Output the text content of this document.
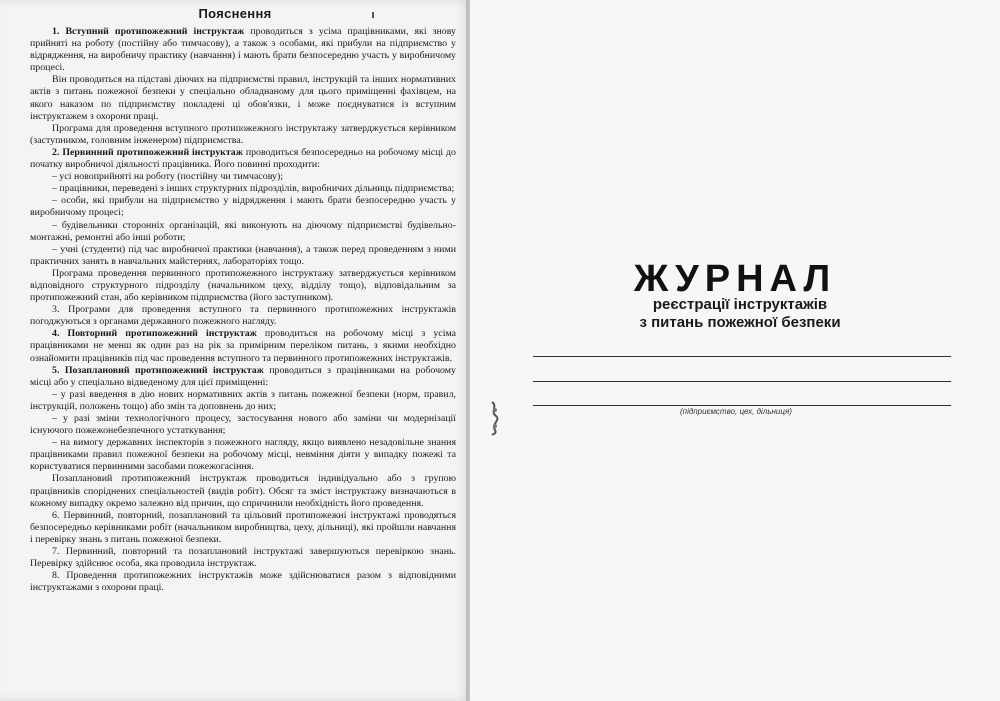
Пояснення

1. Вступний протипожежний інструктаж проводиться з усіма працівниками, які знову прийняті на роботу (постійну або тимчасову), а також з особами, які прибули на підприємство у відрядження, на виробничу практику (навчання) і мають брати безпосередню участь у виробничому процесі.

Він проводиться на підставі діючих на підприємстві правил, інструкцій та інших нормативних актів з питань пожежної безпеки у спеціально обладнаному для цього приміщенні фахівцем, на якого наказом по підприємству покладені ці обов'язки, і може поєднуватися із вступним інструктажем з охорони праці.

Програма для проведення вступного протипожежного інструктажу затверджується керівником (заступником, головним інженером) підприємства.

2. Первинний протипожежний інструктаж проводиться безпосередньо на робочому місці до початку виробничої діяльності працівника. Його повинні проходити:

– усі новоприйняті на роботу (постійну чи тимчасову);

– працівники, переведені з інших структурних підрозділів, виробничих дільниць підприємства;

– особи, які прибули на підприємство у відрядження і мають брати безпосередню участь у виробничому процесі;

– будівельники сторонніх організацій, які виконують на діючому підприємстві будівельно-монтажні, ремонтні або інші роботи;

– учні (студенти) під час виробничої практики (навчання), а також перед проведенням з ними практичних занять в навчальних майстернях, лабораторіях тощо.

Програма проведення первинного протипожежного інструктажу затверджується керівником відповідного структурного підрозділу (начальником цеху, відділу тощо), відповідальним за протипожежний стан, або керівником підприємства (його заступником).

3. Програми для проведення вступного та первинного протипожежних інструктажів погоджуються з органами державного пожежного нагляду.

4. Повторний протипожежний інструктаж проводиться на робочому місці з усіма працівниками не менш як один раз на рік за примірним переліком питань, з якими необхідно ознайомити працівників під час проведення вступного та первинного протипожежних інструктажів.

5. Позаплановий протипожежний інструктаж проводиться з працівниками на робочому місці або у спеціально відведеному для цієї приміщенні:

– у разі введення в дію нових нормативних актів з питань пожежної безпеки (норм, правил, інструкцій, положень тощо) або змін та доповнень до них;

– у разі зміни технологічного процесу, застосування нового або заміни чи модернізації існуючого пожежонебезпечного устаткування;

– на вимогу державних інспекторів з пожежного нагляду, якщо виявлено незадовільне знання працівниками правил пожежної безпеки на робочому місці, невміння діяти у випадку пожежі та користуватися первинними засобами пожежогасіння.

Позаплановий протипожежний інструктаж проводиться індивідуально або з групою працівників споріднених спеціальностей (видів робіт). Обсяг та зміст інструктажу визначаються в кожному випадку окремо залежно від причин, що спричинили необхідність його проведення.

6. Первинний, повторний, позаплановий та цільовий протипожежні інструктажі проводяться безпосередньо керівниками робіт (начальником виробництва, цеху, дільниці), які пройшли навчання і перевірку знань з питань пожежної безпеки.

7. Первинний, повторний та позаплановий інструктажі завершуються перевіркою знань. Перевірку здійснює особа, яка проводила інструктаж.

8. Проведення протипожежних інструктажів може здійснюватися разом з відповідними інструктажами з охорони праці.

ЖУРНАЛ
реєстрації інструктажів
з питань пожежної безпеки
(підприємство, цех, дільниця)
